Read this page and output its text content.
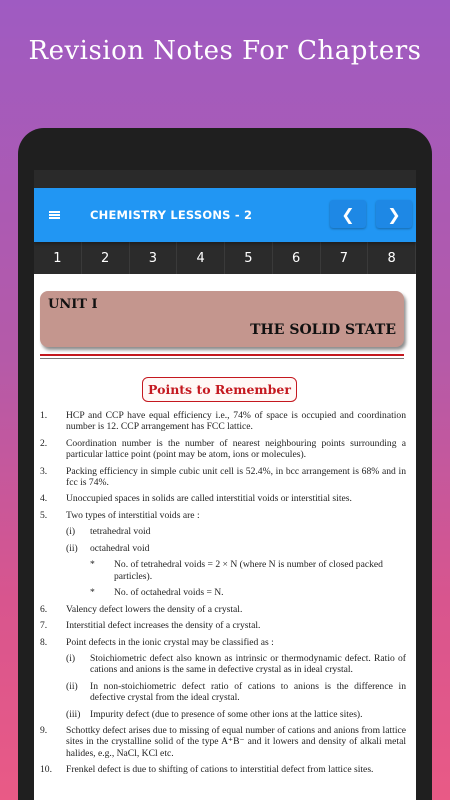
Revision Notes For Chapters
CHEMISTRY LESSONS - 2	❮	❯
1	2	3	4	5	6	7	8
UNIT I
THE SOLID STATE
Points to Remember
1. HCP and CCP have equal efficiency i.e., 74% of space is occupied and coordination number is 12. CCP arrangement has FCC lattice.
2. Coordination number is the number of nearest neighbouring points surrounding a particular lattice point (point may be atom, ions or molecules).
3. Packing efficiency in simple cubic unit cell is 52.4%, in bcc arrangement is 68% and in fcc is 74%.
4. Unoccupied spaces in solids are called interstitial voids or interstitial sites.
5. Two types of interstitial voids are :
(i) tetrahedral void
(ii) octahedral void
* No. of tetrahedral voids = 2 × N (where N is number of closed packed particles).
* No. of octahedral voids = N.
6. Valency defect lowers the density of a crystal.
7. Interstitial defect increases the density of a crystal.
8. Point defects in the ionic crystal may be classified as :
(i) Stoichiometric defect also known as intrinsic or thermodynamic defect. Ratio of cations and anions is the same in defective crystal as in ideal crystal.
(ii) In non-stoichiometric defect ratio of cations to anions is the difference in defective crystal from the ideal crystal.
(iii) Impurity defect (due to presence of some other ions at the lattice sites).
9. Schottky defect arises due to missing of equal number of cations and anions from lattice sites in the crystalline solid of the type A⁺B⁻ and it lowers and density of alkali metal halides, e.g., NaCl, KCl etc.
10. Frenkel defect is due to shifting of cations to interstitial defect from lattice sites.
